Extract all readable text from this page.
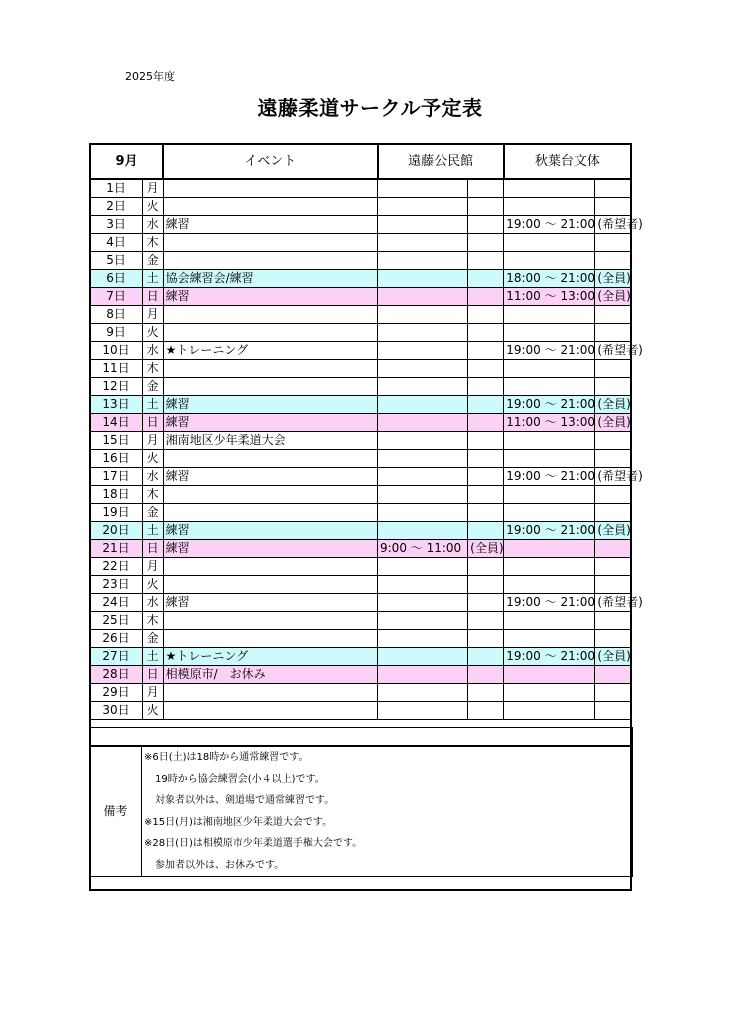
2025年度
遠藤柔道サークル予定表
9月		イベント	遠藤公民館		秋葉台文体	
1日	月					
2日	火					
3日	水	練習			19:00 ～ 21:00	(希望者)
4日	木					
5日	金					
6日	土	協会練習会/練習			18:00 ～ 21:00	(全員)
7日	日	練習			11:00 ～ 13:00	(全員)
8日	月					
9日	火					
10日	水	★トレーニング			19:00 ～ 21:00	(希望者)
11日	木					
12日	金					
13日	土	練習			19:00 ～ 21:00	(全員)
14日	日	練習			11:00 ～ 13:00	(全員)
15日	月	湘南地区少年柔道大会				
16日	火					
17日	水	練習			19:00 ～ 21:00	(希望者)
18日	木					
19日	金					
20日	土	練習			19:00 ～ 21:00	(全員)
21日	日	練習	9:00 ～ 11:00	(全員)		
22日	月					
23日	火					
24日	水	練習			19:00 ～ 21:00	(希望者)
25日	木					
26日	金					
27日	土	★トレーニング			19:00 ～ 21:00	(全員)
28日	日	相模原市/　お休み				
29日	月					
30日	火					

備考	
※6日(土)は18時から通常練習です。
19時から協会練習会(小４以上)です。
対象者以外は、剣道場で通常練習です。
※15日(月)は湘南地区少年柔道大会です。
※28日(日)は相模原市少年柔道選手権大会です。
参加者以外は、お休みです。
